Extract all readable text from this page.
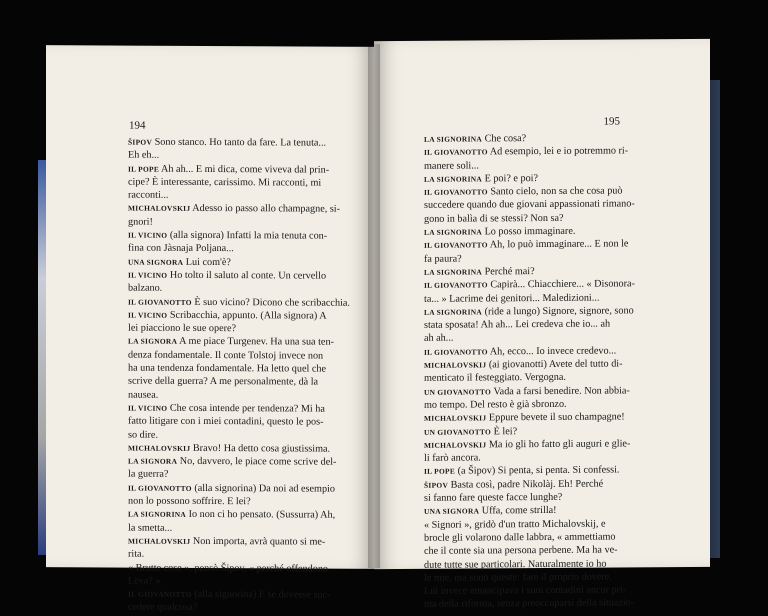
194
ŠIPOV Sono stanco. Ho tanto da fare. La tenuta...
Eh eh...
IL POPE Ah ah... E mi dica, come viveva dal prin-
cipe? È interessante, carissimo. Mi racconti, mi
racconti...
MICHALOVSKIJ Adesso io passo allo champagne, si-
gnori!
IL VICINO (alla signora) Infatti la mia tenuta con-
fina con Jàsnaja Poljana...
UNA SIGNORA Lui com'è?
IL VICINO Ho tolto il saluto al conte. Un cervello
balzano.
IL GIOVANOTTO È suo vicino? Dicono che scribacchia.
IL VICINO Scribacchia, appunto. (Alla signora) A
lei piacciono le sue opere?
LA SIGNORA A me piace Turgenev. Ha una sua ten-
denza fondamentale. Il conte Tolstoj invece non
ha una tendenza fondamentale. Ha letto quel che
scrive della guerra? A me personalmente, dà la
nausea.
IL VICINO Che cosa intende per tendenza? Mi ha
fatto litigare con i miei contadini, questo le pos-
so dire.
MICHALOVSKIJ Bravo! Ha detto cosa giustissima.
LA SIGNORA No, davvero, le piace come scrive del-
la guerra?
IL GIOVANOTTO (alla signorina) Da noi ad esempio
non lo possono soffrire. E lei?
LA SIGNORINA Io non ci ho pensato. (Sussurra) Ah,
la smetta...
MICHALOVSKIJ Non importa, avrà quanto si me-
rita.
« Brutte cose », pensò Šipov, « perché offendono
Lëva? »
IL GIOVANOTTO (alla signorina) E se dovesse suc-
cedere qualcosa?
195
LA SIGNORINA Che cosa?
IL GIOVANOTTO Ad esempio, lei e io potremmo ri-
manere soli...
LA SIGNORINA E poi? e poi?
IL GIOVANOTTO Santo cielo, non sa che cosa può
succedere quando due giovani appassionati rimano-
gono in balìa di se stessi? Non sa?
LA SIGNORINA Lo posso immaginare.
IL GIOVANOTTO Ah, lo può immaginare... E non le
fa paura?
LA SIGNORINA Perché mai?
IL GIOVANOTTO Capirà... Chiacchiere... « Disonora-
ta... » Lacrime dei genitori... Maledizioni...
LA SIGNORINA (ride a lungo) Signore, signore, sono
stata sposata! Ah ah... Lei credeva che io... ah
ah ah...
IL GIOVANOTTO Ah, ecco... Io invece credevo...
MICHALOVSKIJ (ai giovanotti) Avete del tutto di-
menticato il festeggiato. Vergogna.
UN GIOVANOTTO Vada a farsi benedire. Non abbia-
mo tempo. Del resto è già sbronzo.
MICHALOVSKIJ Eppure bevete il suo champagne!
UN GIOVANOTTO È lei?
MICHALOVSKIJ Ma io gli ho fatto gli auguri e glie-
li farò ancora.
IL POPE (a Šipov) Si penta, si penta. Si confessi.
ŠIPOV Basta così, padre Nikolàj. Eh! Perché
si fanno fare queste facce lunghe?
UNA SIGNORA Uffa, come strilla!
« Signori », gridò d'un tratto Michalovskij, e
brocle gli volarono dalle labbra, « ammettiamo
che il conte sia una persona perbene. Ma ha ve-
dute tutte sue particolari. Naturalmente io ho
le mie, ma sono queste: fare il proprio dovere.
Lui invece emancipava i suoi contadini ancor pri-
ma della riforma, senza preoccuparsi della situazio-
